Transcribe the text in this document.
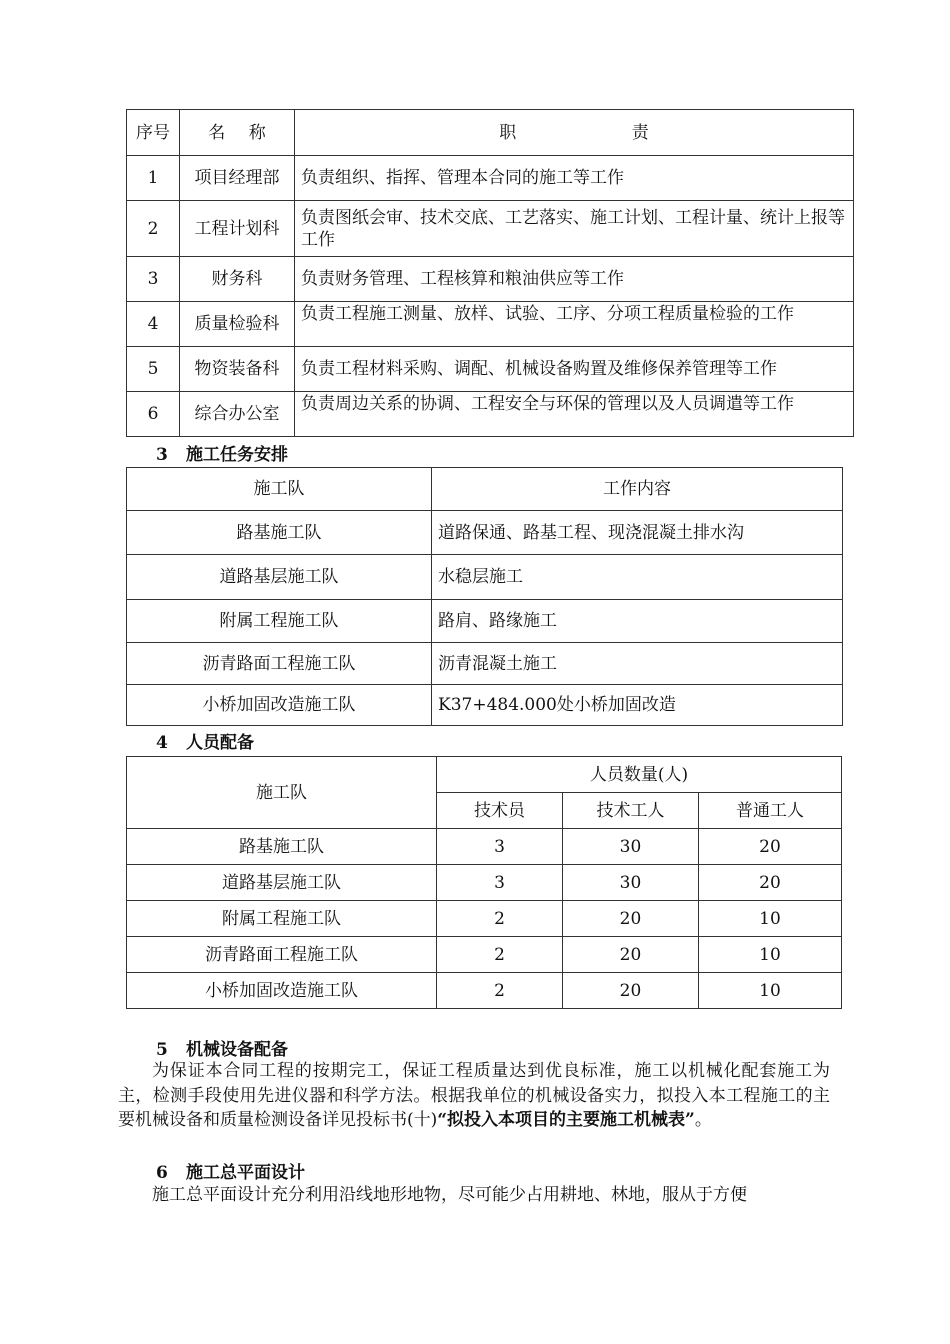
序号	名 称	职 责
1	项目经理部	负责组织、指挥、管理本合同的施工等工作
2	工程计划科	负责图纸会审、技术交底、工艺落实、施工计划、工程计量、统计上报等工作
3	财务科	负责财务管理、工程核算和粮油供应等工作
4	质量检验科	负责工程施工测量、放样、试验、工序、分项工程质量检验的工作

5	物资装备科	负责工程材料采购、调配、机械设备购置及维修保养管理等工作
6	综合办公室	负责周边关系的协调、工程安全与环保的管理以及人员调遣等工作
3 施工任务安排
施工队	工作内容
路基施工队	道路保通、路基工程、现浇混凝土排水沟
道路基层施工队	水稳层施工
附属工程施工队	路肩、路缘施工
沥青路面工程施工队	沥青混凝土施工
小桥加固改造施工队	K37+484.000处小桥加固改造
4 人员配备
施工队	人员数量(人)		
	技术员	技术工人	普通工人
路基施工队	3	30	20
道路基层施工队	3	30	20
附属工程施工队	2	20	10
沥青路面工程施工队	2	20	10
小桥加固改造施工队	2	20	10
5 机械设备配备

为保证本合同工程的按期完工，保证工程质量达到优良标准，施工以机械化配套施工为主，检测手段使用先进仪器和科学方法。根据我单位的机械设备实力，拟投入本工程施工的主要机械设备和质量检测设备详见投标书(十)“拟投入本项目的主要施工机械表”。

6 施工总平面设计

施工总平面设计充分利用沿线地形地物，尽可能少占用耕地、林地，服从于方便
